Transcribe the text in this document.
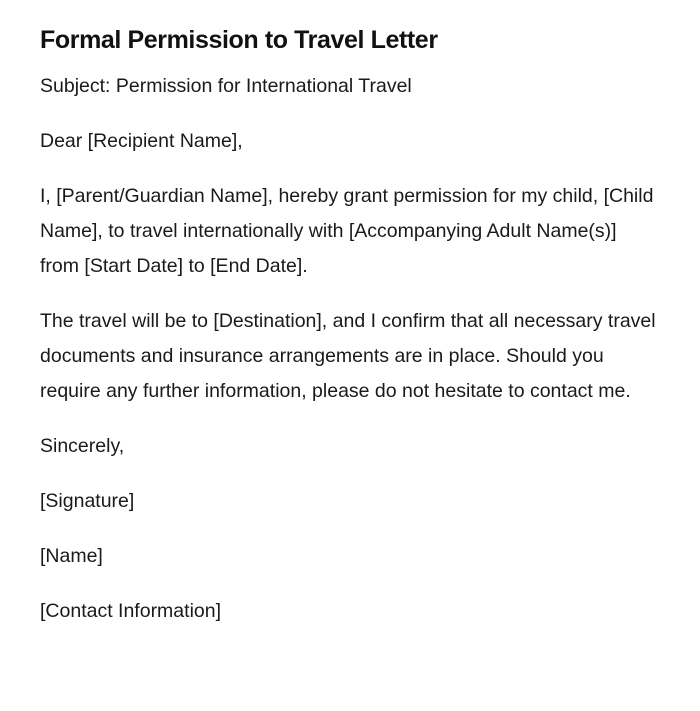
Formal Permission to Travel Letter

Subject: Permission for International Travel

Dear [Recipient Name],

I, [Parent/Guardian Name], hereby grant permission for my child, [Child Name], to travel internationally with [Accompanying Adult Name(s)] from [Start Date] to [End Date].

The travel will be to [Destination], and I confirm that all necessary travel documents and insurance arrangements are in place. Should you require any further information, please do not hesitate to contact me.

Sincerely,

[Signature]

[Name]

[Contact Information]
